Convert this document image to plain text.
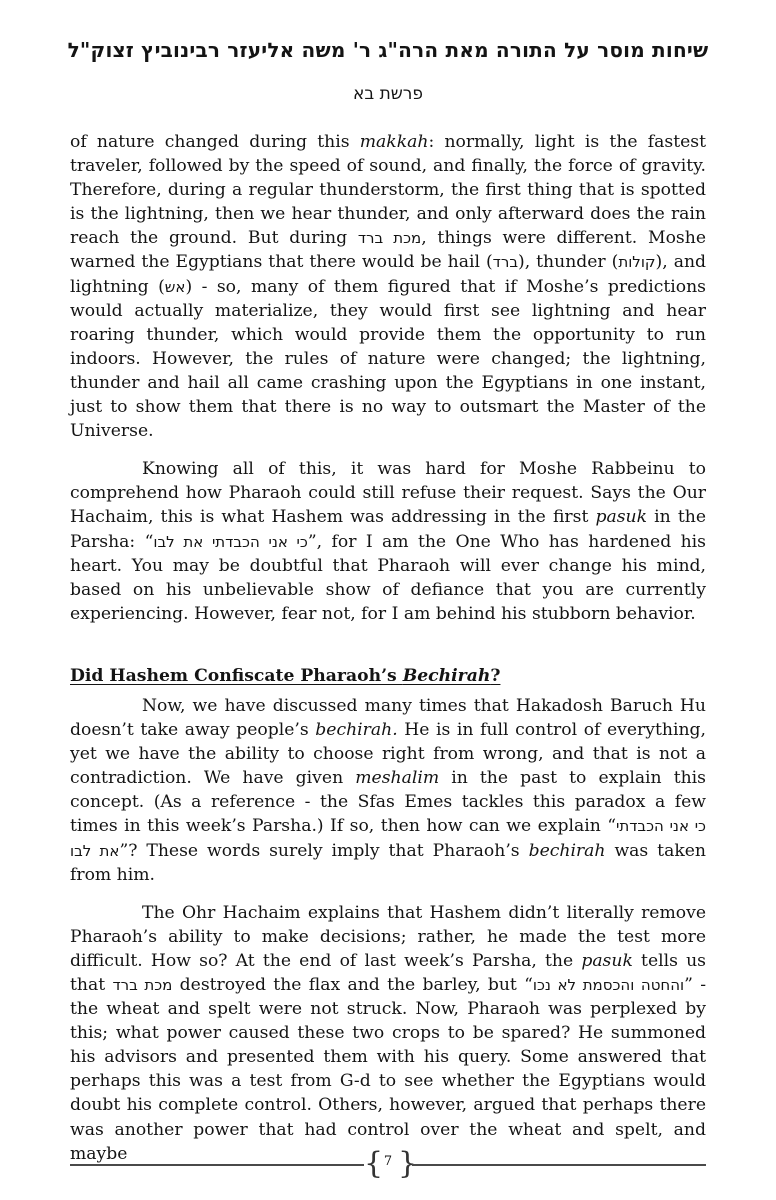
שיחות מוסר על התורה מאת הרה"ג ר' משה אליעזר רבינוביץ זצוק"ל
פרשת בא

of nature changed during this makkah: normally, light is the fastest traveler, followed by the speed of sound, and finally, the force of gravity. Therefore, during a regular thunderstorm, the first thing that is spotted is the lightning, then we hear thunder, and only afterward does the rain reach the ground. But during מכת ברד, things were different. Moshe warned the Egyptians that there would be hail (ברד), thunder (קולות), and lightning (אש) - so, many of them figured that if Moshe’s predictions would actually materialize, they would first see lightning and hear roaring thunder, which would provide them the opportunity to run indoors. However, the rules of nature were changed; the lightning, thunder and hail all came crashing upon the Egyptians in one instant, just to show them that there is no way to outsmart the Master of the Universe.

Knowing all of this, it was hard for Moshe Rabbeinu to comprehend how Pharaoh could still refuse their request. Says the Our Hachaim, this is what Hashem was addressing in the first pasuk in the Parsha: “כי אני הכבדתי את לבו”, for I am the One Who has hardened his heart. You may be doubtful that Pharaoh will ever change his mind, based on his unbelievable show of defiance that you are currently experiencing. However, fear not, for I am behind his stubborn behavior.

Did Hashem Confiscate Pharaoh’s Bechirah?

Now, we have discussed many times that Hakadosh Baruch Hu doesn’t take away people’s bechirah. He is in full control of everything, yet we have the ability to choose right from wrong, and that is not a contradiction. We have given meshalim in the past to explain this concept. (As a reference - the Sfas Emes tackles this paradox a few times in this week’s Parsha.) If so, then how can we explain “כי אני הכבדתי את לבו”? These words surely imply that Pharaoh’s bechirah was taken from him.

The Ohr Hachaim explains that Hashem didn’t literally remove Pharaoh’s ability to make decisions; rather, he made the test more difficult. How so? At the end of last week’s Parsha, the pasuk tells us that מכת ברד destroyed the flax and the barley, but “והחטה והכסמת לא נכו” - the wheat and spelt were not struck. Now, Pharaoh was perplexed by this; what power caused these two crops to be spared? He summoned his advisors and presented them with his query. Some answered that perhaps this was a test from G-d to see whether the Egyptians would doubt his complete control. Others, however, argued that perhaps there was another power that had control over the wheat and spelt, and maybe	{ 7 }
